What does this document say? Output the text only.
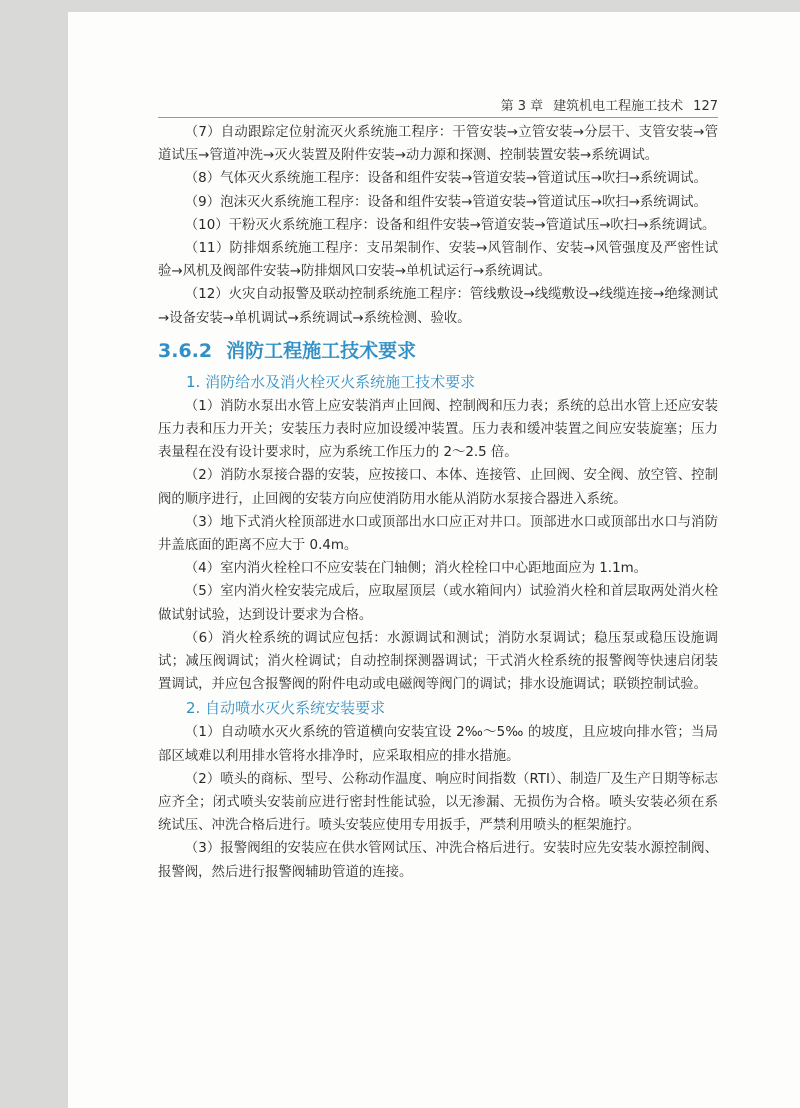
第 3 章 建筑机电工程施工技术 127

（7）自动跟踪定位射流灭火系统施工程序：干管安装→立管安装→分层干、支管安装→管道试压→管道冲洗→灭火装置及附件安装→动力源和探测、控制装置安装→系统调试。

（8）气体灭火系统施工程序：设备和组件安装→管道安装→管道试压→吹扫→系统调试。

（9）泡沫灭火系统施工程序：设备和组件安装→管道安装→管道试压→吹扫→系统调试。

（10）干粉灭火系统施工程序：设备和组件安装→管道安装→管道试压→吹扫→系统调试。

（11）防排烟系统施工程序：支吊架制作、安装→风管制作、安装→风管强度及严密性试验→风机及阀部件安装→防排烟风口安装→单机试运行→系统调试。

（12）火灾自动报警及联动控制系统施工程序：管线敷设→线缆敷设→线缆连接→绝缘测试→设备安装→单机调试→系统调试→系统检测、验收。

3.6.2 消防工程施工技术要求
1. 消防给水及消火栓灭火系统施工技术要求

（1）消防水泵出水管上应安装消声止回阀、控制阀和压力表；系统的总出水管上还应安装压力表和压力开关；安装压力表时应加设缓冲装置。压力表和缓冲装置之间应安装旋塞；压力表量程在没有设计要求时，应为系统工作压力的 2～2.5 倍。

（2）消防水泵接合器的安装，应按接口、本体、连接管、止回阀、安全阀、放空管、控制阀的顺序进行，止回阀的安装方向应使消防用水能从消防水泵接合器进入系统。

（3）地下式消火栓顶部进水口或顶部出水口应正对井口。顶部进水口或顶部出水口与消防井盖底面的距离不应大于 0.4m。

（4）室内消火栓栓口不应安装在门轴侧；消火栓栓口中心距地面应为 1.1m。

（5）室内消火栓安装完成后，应取屋顶层（或水箱间内）试验消火栓和首层取两处消火栓做试射试验，达到设计要求为合格。

（6）消火栓系统的调试应包括：水源调试和测试；消防水泵调试；稳压泵或稳压设施调试；减压阀调试；消火栓调试；自动控制探测器调试；干式消火栓系统的报警阀等快速启闭装置调试，并应包含报警阀的附件电动或电磁阀等阀门的调试；排水设施调试；联锁控制试验。

2. 自动喷水灭火系统安装要求

（1）自动喷水灭火系统的管道横向安装宜设 2‰～5‰ 的坡度，且应坡向排水管；当局部区域难以利用排水管将水排净时，应采取相应的排水措施。

（2）喷头的商标、型号、公称动作温度、响应时间指数（RTI）、制造厂及生产日期等标志应齐全；闭式喷头安装前应进行密封性能试验，以无渗漏、无损伤为合格。喷头安装必须在系统试压、冲洗合格后进行。喷头安装应使用专用扳手，严禁利用喷头的框架施拧。

（3）报警阀组的安装应在供水管网试压、冲洗合格后进行。安装时应先安装水源控制阀、报警阀，然后进行报警阀辅助管道的连接。
